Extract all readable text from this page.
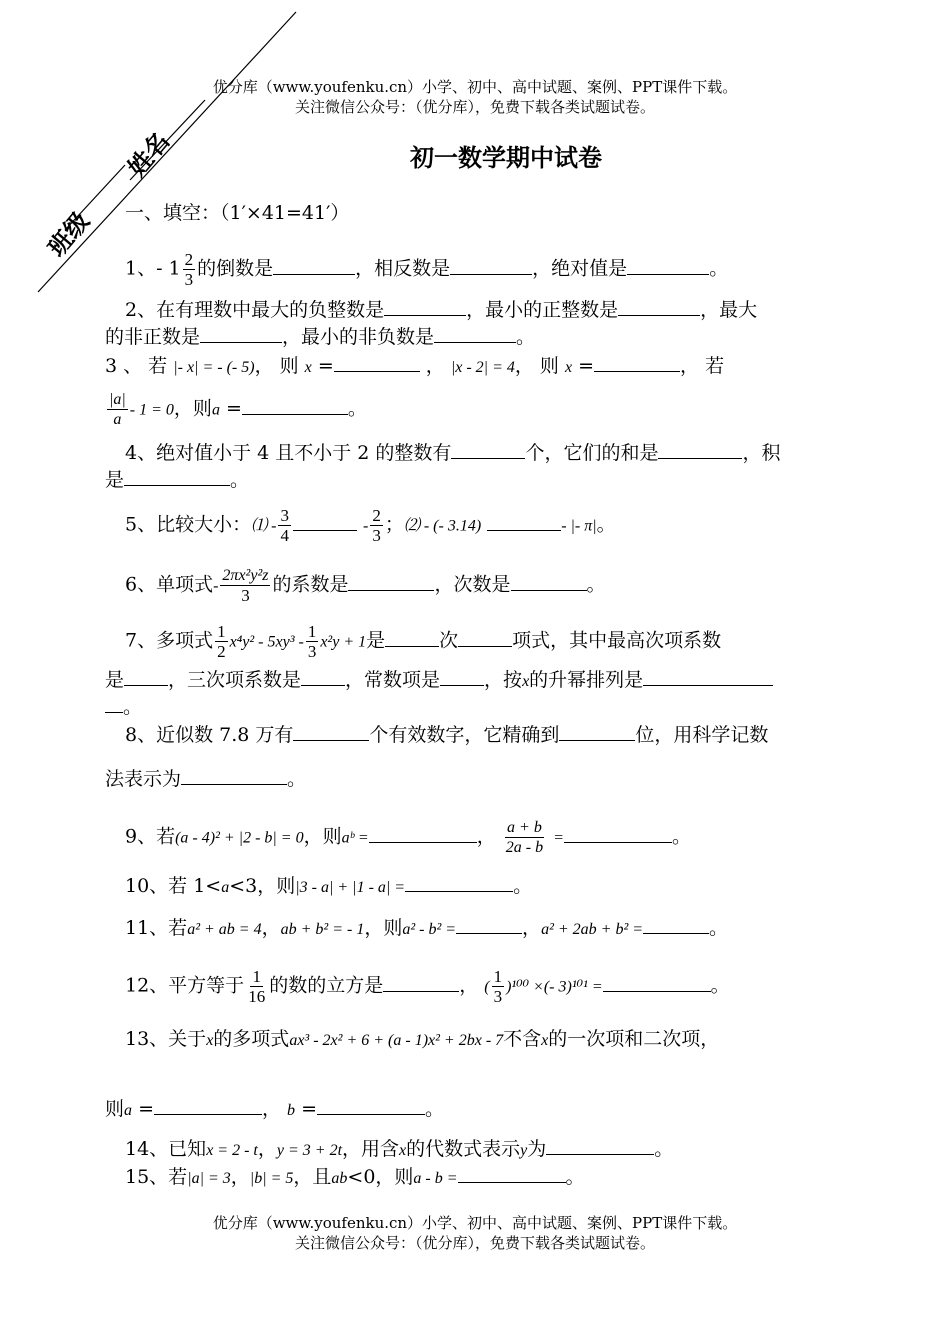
优分库（www.youfenku.cn）小学、初中、高中试题、案例、PPT课件下载。
关注微信公众号：（优分库），免费下载各类试题试卷。
班级
姓名	初一数学期中试卷
一、填空：（1′×41=41′）
1、- $1 \frac{2}{3}$ 的倒数是	，相反数是	，绝对值是	。
2、在有理数中最大的负整数是	，最小的正整数是	，最大
的非正数是	，最小的非负数是	。
3 、 若 |- x| = - (- 5)， 则 x =	， |x - 2| = 4， 则 x =	， 若
$\frac{|a|}{a} - 1 = 0$，则a =	。
4、绝对值小于 4 且不小于 2 的整数有	个，它们的和是	，积
是	。
5、比较大小：⑴ - $\frac{3}{4}$	- $\frac{2}{3}$ ；⑵ - (- 3.14)	- |- π|。
6、单项式- $\frac{\text{2πx²y²z}}{3}$ 的系数是	，次数是	。
7、多项式 $\frac{1}{2} x^4y^2 - 5xy^3 - \frac{1}{3} x^2y + 1$是	次	项式，其中最高次项系数
是 ，三次项系数是 ，常数项是 ，按x的升幂排列是
。
8、近似数 7.8 万有	个有效数字，它精确到	位，用科学记数
法表示为	。
9、若(a - 4)² + |2 - b| = 0，则aᵇ =	， $\frac{a + b}{2a - b}$ =	。
10、若 1<a<3，则|3 - a| + |1 - a| =	。
11、若a² + ab = 4，ab + b² = - 1，则a² - b² =	，a² + 2ab + b² =	。
12、平方等于 $\frac{1}{16}$ 的数的立方是	， ( $\frac{1}{3} )^{100}$ ×(- 3)¹⁰¹ =	。
13、关于x的多项式ax³ - 2x² + 6 + (a - 1)x² + 2bx - 7不含x的一次项和二次项，
则a =	， b =	。
14、已知x = 2 - t，y = 3 + 2t，用含x的代数式表示y为	。
15、若|a| = 3，|b| = 5，且ab<0，则a - b =	。
优分库（www.youfenku.cn）小学、初中、高中试题、案例、PPT课件下载。
关注微信公众号：（优分库），免费下载各类试题试卷。
